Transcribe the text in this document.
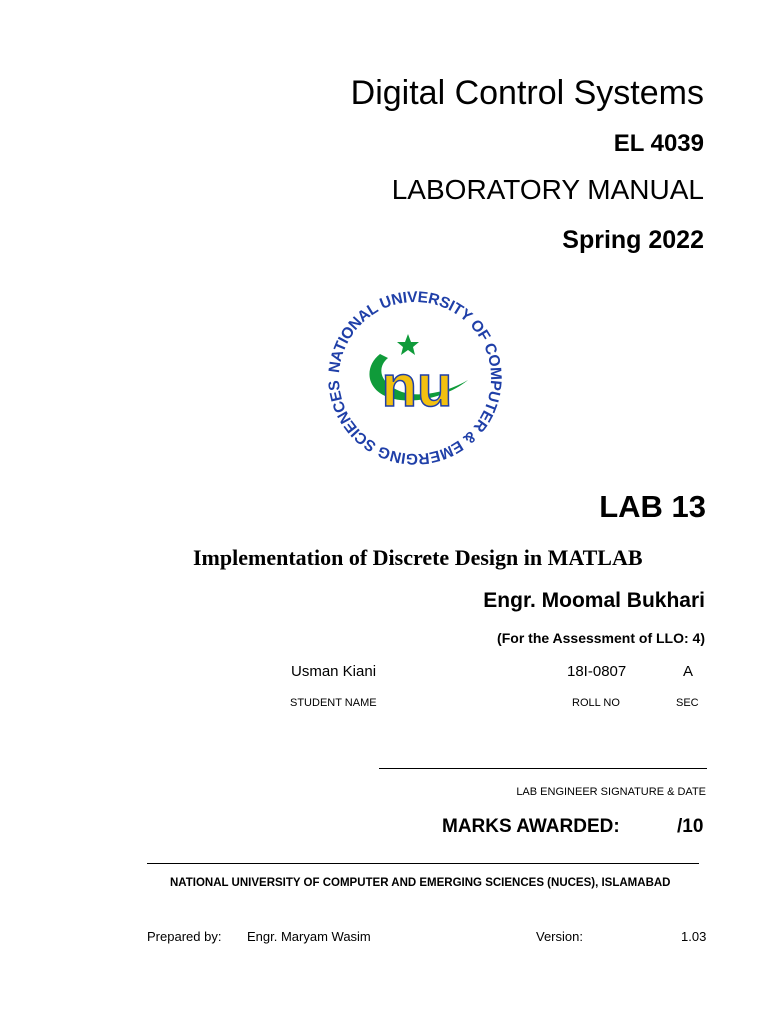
Digital Control Systems
EL 4039
LABORATORY MANUAL
Spring 2022
NATIONAL UNIVERSITY OF COMPUTER & EMERGING SCIENCES nu
LAB 13
Implementation of Discrete Design in MATLAB
Engr. Moomal Bukhari
(For the Assessment of LLO: 4)
Usman Kiani	18I-0807	A
STUDENT NAME	ROLL NO	SEC
LAB ENGINEER SIGNATURE & DATE
MARKS AWARDED:	/10
NATIONAL UNIVERSITY OF COMPUTER AND EMERGING SCIENCES (NUCES), ISLAMABAD
Prepared by: Engr. Maryam Wasim	Version:	1.03
